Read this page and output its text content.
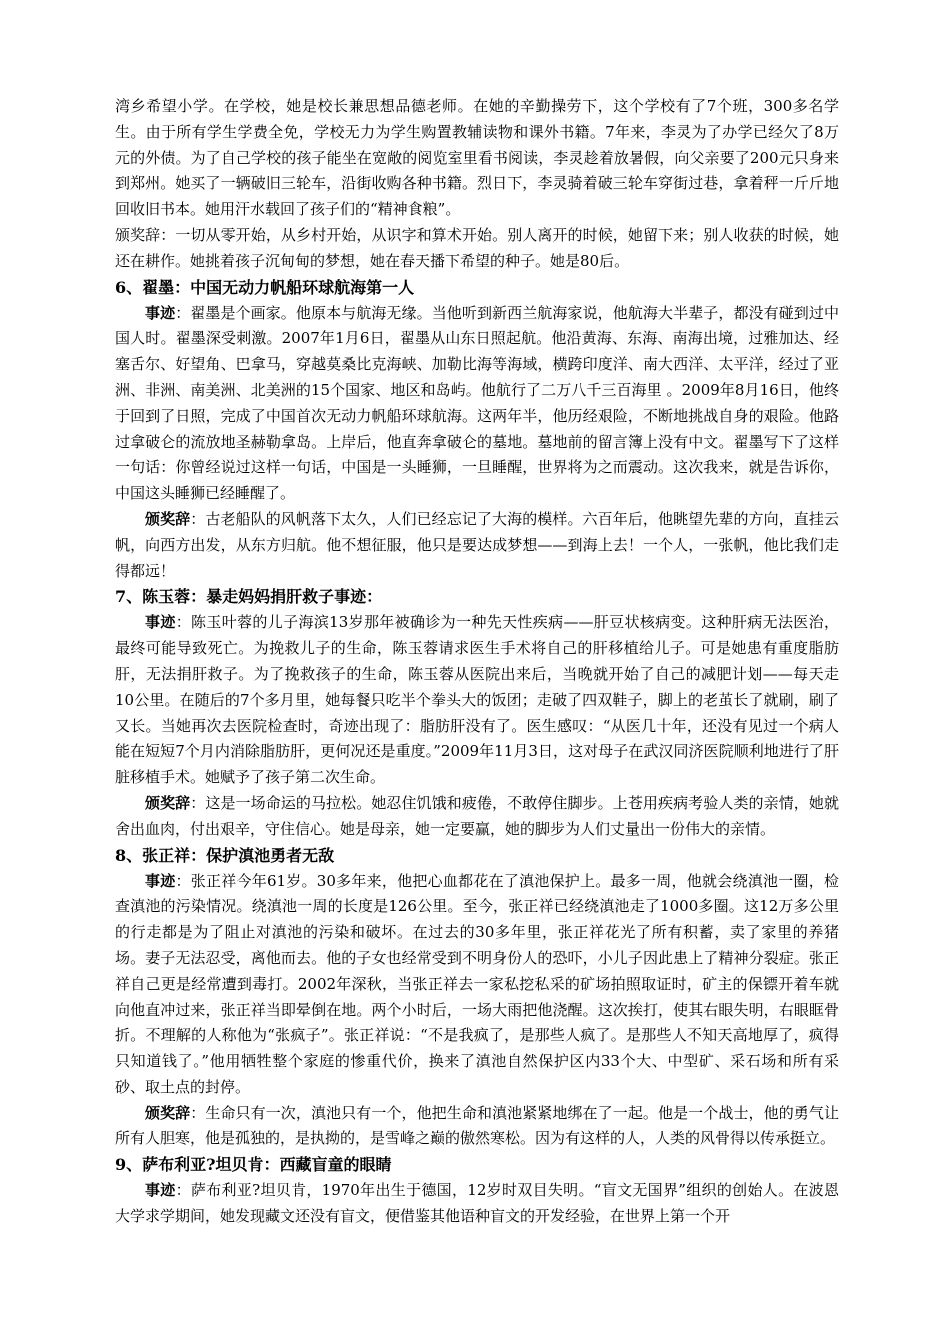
湾乡希望小学。在学校，她是校长兼思想品德老师。在她的辛勤操劳下，这个学校有了7个班，300多名学生。由于所有学生学费全免，学校无力为学生购置教辅读物和课外书籍。7年来，李灵为了办学已经欠了8万元的外债。为了自己学校的孩子能坐在宽敞的阅览室里看书阅读，李灵趁着放暑假，向父亲要了200元只身来到郑州。她买了一辆破旧三轮车，沿街收购各种书籍。烈日下，李灵骑着破三轮车穿街过巷，拿着秤一斤斤地回收旧书本。她用汗水载回了孩子们的“精神食粮”。

颁奖辞：一切从零开始，从乡村开始，从识字和算术开始。别人离开的时候，她留下来；别人收获的时候，她还在耕作。她挑着孩子沉甸甸的梦想，她在春天播下希望的种子。她是80后。

6、翟墨：中国无动力帆船环球航海第一人

事迹：翟墨是个画家。他原本与航海无缘。当他听到新西兰航海家说，他航海大半辈子，都没有碰到过中国人时。翟墨深受刺激。2007年1月6日，翟墨从山东日照起航。他沿黄海、东海、南海出境，过雅加达、经塞舌尔、好望角、巴拿马，穿越莫桑比克海峡、加勒比海等海域，横跨印度洋、南大西洋、太平洋，经过了亚洲、非洲、南美洲、北美洲的15个国家、地区和岛屿。他航行了二万八千三百海里 。2009年8月16日，他终于回到了日照，完成了中国首次无动力帆船环球航海。这两年半，他历经艰险，不断地挑战自身的艰险。他路过拿破仑的流放地圣赫勒拿岛。上岸后，他直奔拿破仑的墓地。墓地前的留言簿上没有中文。翟墨写下了这样一句话：你曾经说过这样一句话，中国是一头睡狮，一旦睡醒，世界将为之而震动。这次我来，就是告诉你，中国这头睡狮已经睡醒了。

颁奖辞：古老船队的风帆落下太久，人们已经忘记了大海的模样。六百年后，他眺望先辈的方向，直挂云帆，向西方出发，从东方归航。他不想征服，他只是要达成梦想——到海上去！一个人，一张帆，他比我们走得都远！

7、陈玉蓉：暴走妈妈捐肝救子事迹：

事迹：陈玉叶蓉的儿子海滨13岁那年被确诊为一种先天性疾病——肝豆状核病变。这种肝病无法医治，最终可能导致死亡。为挽救儿子的生命，陈玉蓉请求医生手术将自己的肝移植给儿子。可是她患有重度脂肪肝，无法捐肝救子。为了挽救孩子的生命，陈玉蓉从医院出来后，当晚就开始了自己的减肥计划——每天走10公里。在随后的7个多月里，她每餐只吃半个拳头大的饭团；走破了四双鞋子，脚上的老茧长了就刷，刷了又长。当她再次去医院检查时，奇迹出现了：脂肪肝没有了。医生感叹：“从医几十年，还没有见过一个病人能在短短7个月内消除脂肪肝，更何况还是重度。”2009年11月3日，这对母子在武汉同济医院顺利地进行了肝脏移植手术。她赋予了孩子第二次生命。

颁奖辞：这是一场命运的马拉松。她忍住饥饿和疲倦，不敢停住脚步。上苍用疾病考验人类的亲情，她就舍出血肉，付出艰辛，守住信心。她是母亲，她一定要赢，她的脚步为人们丈量出一份伟大的亲情。

8、张正祥：保护滇池勇者无敌

事迹：张正祥今年61岁。30多年来，他把心血都花在了滇池保护上。最多一周，他就会绕滇池一圈，检查滇池的污染情况。绕滇池一周的长度是126公里。至今，张正祥已经绕滇池走了1000多圈。这12万多公里的行走都是为了阻止对滇池的污染和破坏。在过去的30多年里，张正祥花光了所有积蓄，卖了家里的养猪场。妻子无法忍受，离他而去。他的子女也经常受到不明身份人的恐吓，小儿子因此患上了精神分裂症。张正祥自己更是经常遭到毒打。2002年深秋，当张正祥去一家私挖私采的矿场拍照取证时，矿主的保镖开着车就向他直冲过来，张正祥当即晕倒在地。两个小时后，一场大雨把他浇醒。这次挨打，使其右眼失明，右眼眶骨折。不理解的人称他为“张疯子”。张正祥说：“不是我疯了，是那些人疯了。是那些人不知天高地厚了，疯得只知道钱了。”他用牺牲整个家庭的惨重代价，换来了滇池自然保护区内33个大、中型矿、采石场和所有采砂、取土点的封停。

颁奖辞：生命只有一次，滇池只有一个，他把生命和滇池紧紧地绑在了一起。他是一个战士，他的勇气让所有人胆寒，他是孤独的，是执拗的，是雪峰之巅的傲然寒松。因为有这样的人，人类的风骨得以传承挺立。

9、萨布利亚?坦贝肯：西藏盲童的眼睛

事迹：萨布利亚?坦贝肯，1970年出生于德国，12岁时双目失明。“盲文无国界”组织的创始人。在波恩大学求学期间，她发现藏文还没有盲文，便借鉴其他语种盲文的开发经验，在世界上第一个开
